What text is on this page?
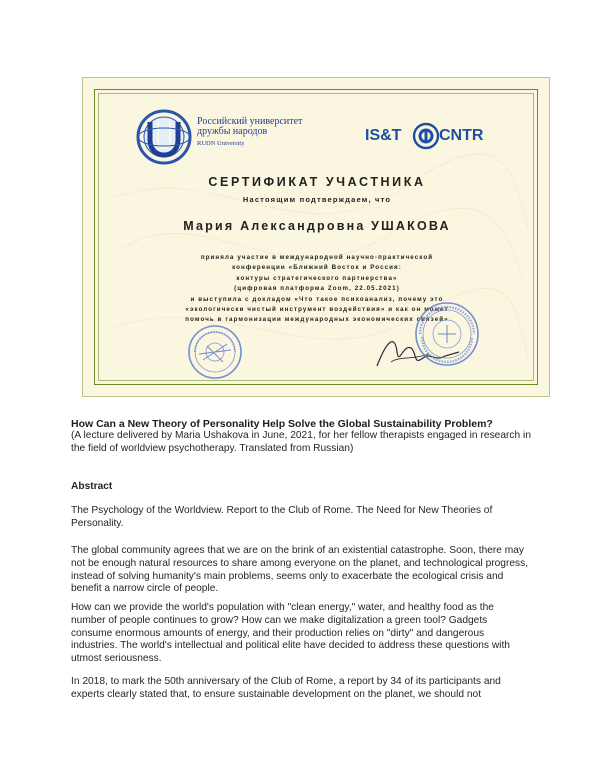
Российский университет
дружбы народов
RUDN University	IS&T CNTR
СЕРТИФИКАТ УЧАСТНИКА
Настоящим подтверждаем, что
Мария Александровна УШАКОВА
приняла участие в международной научно-практической
конференции «Ближний Восток и Россия:
контуры стратегического партнерства»
(цифровая платформа Zoom, 22.05.2021)
и выступила с докладом «Что такое психоанализ, почему это
«экологически чистый инструмент воздействия» и как он может
помочь в гармонизации международных экономических связей»
How Can a New Theory of Personality Help Solve the Global Sustainability Problem?
(A lecture delivered by Maria Ushakova in June, 2021, for her fellow therapists engaged in research in the field of worldview psychotherapy. Translated from Russian)
Abstract
The Psychology of the Worldview. Report to the Club of Rome. The Need for New Theories of Personality.
The global community agrees that we are on the brink of an existential catastrophe. Soon, there may not be enough natural resources to share among everyone on the planet, and technological progress, instead of solving humanity's main problems, seems only to exacerbate the ecological crisis and benefit a narrow circle of people.
How can we provide the world's population with "clean energy," water, and healthy food as the number of people continues to grow? How can we make digitalization a green tool? Gadgets consume enormous amounts of energy, and their production relies on "dirty" and dangerous industries. The world's intellectual and political elite have decided to address these questions with utmost seriousness.
In 2018, to mark the 50th anniversary of the Club of Rome, a report by 34 of its participants and experts clearly stated that, to ensure sustainable development on the planet, we should not
